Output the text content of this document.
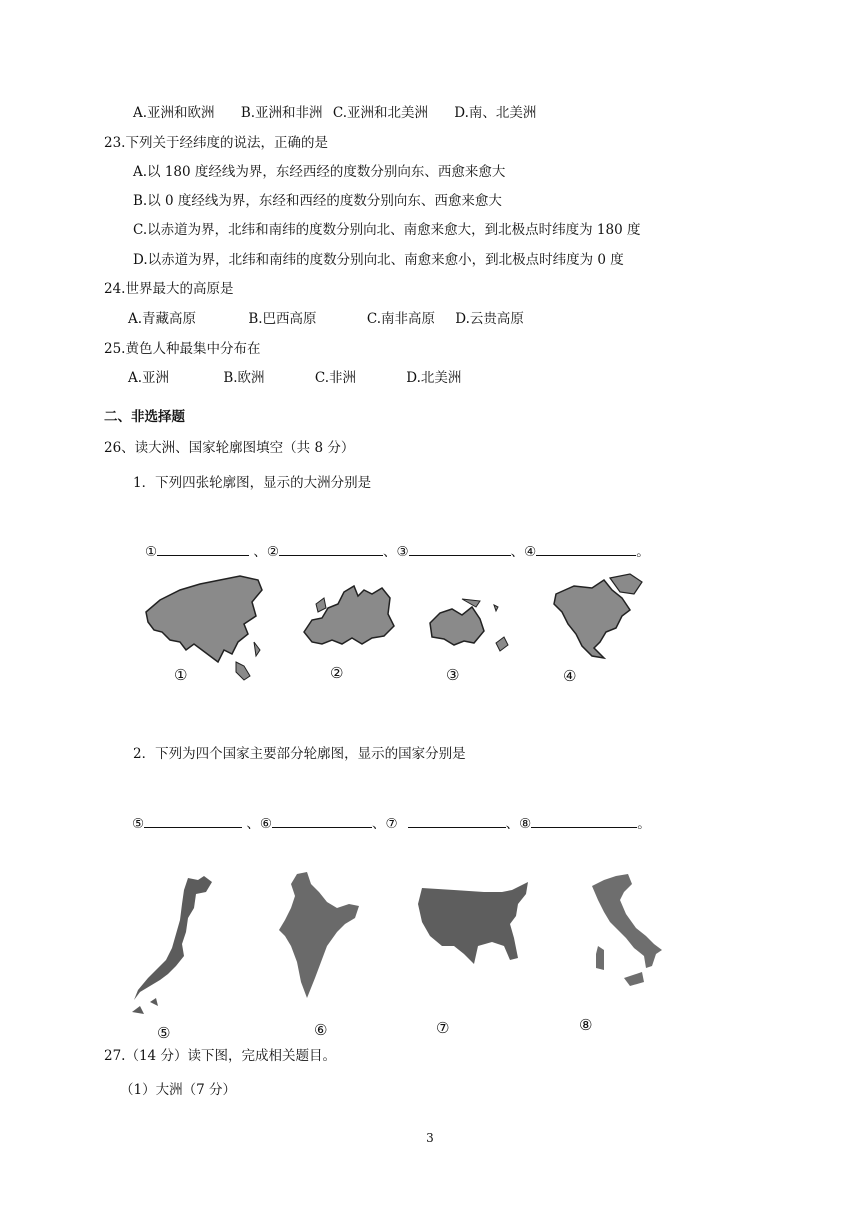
A.亚洲和欧洲 B.亚洲和非洲 C.亚洲和北美洲 D.南、北美洲
23.下列关于经纬度的说法，正确的是
A.以 180 度经线为界，东经西经的度数分别向东、西愈来愈大
B.以 0 度经线为界，东经和西经的度数分别向东、西愈来愈大
C.以赤道为界，北纬和南纬的度数分别向北、南愈来愈大，到北极点时纬度为 180 度
D.以赤道为界，北纬和南纬的度数分别向北、南愈来愈小，到北极点时纬度为 0 度
24.世界最大的高原是
A.青藏高原	B.巴西高原	C.南非高原 D.云贵高原
25.黄色人种最集中分布在
A.亚洲	B.欧洲	C.非洲	D.北美洲
二、非选择题
26、读大洲、国家轮廓图填空（共 8 分）
1．下列四张轮廓图，显示的大洲分别是
①	、②	、③	、④	。
①	②	③	④
2．下列为四个国家主要部分轮廓图，显示的国家分别是
⑤	、⑥	、⑦	、⑧	。
⑤	⑥	⑦	⑧
27.（14 分）读下图，完成相关题目。
（1）大洲（7 分）
3
